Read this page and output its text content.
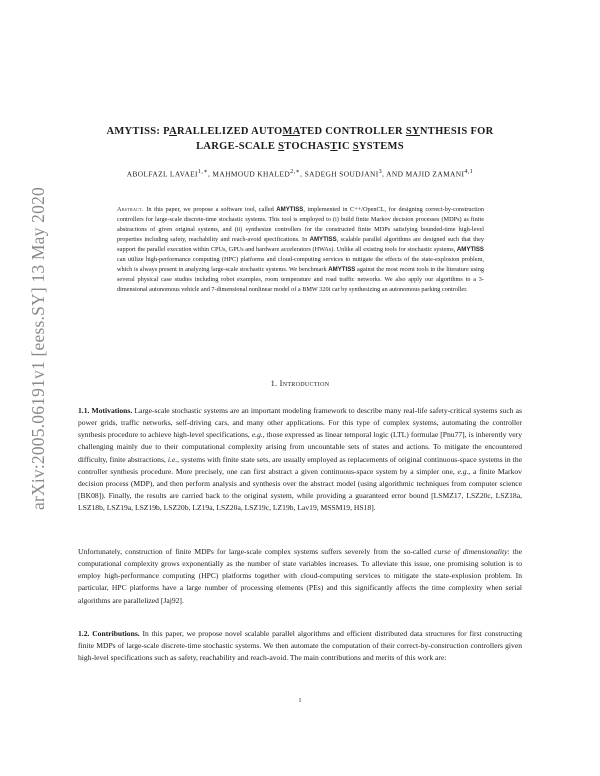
arXiv:2005.06191v1 [eess.SY] 13 May 2020
AMYTISS: PARALLELIZED AUTOMATED CONTROLLER SYNTHESIS FOR
LARGE-SCALE STOCHASTIC SYSTEMS
ABOLFAZL $LAVAEI^{1,∗}$, MAHMOUD $KHALED^{2,∗}$, SADEGH SOUDJANI$^3$, AND MAJID ZAMANI$^{4,1}$

Abstract. In this paper, we propose a software tool, called AMYTISS, implemented in C++/OpenCL, for designing correct-by-construction controllers for large-scale discrete-time stochastic systems. This tool is employed to (i) build finite Markov decision processes (MDPs) as finite abstractions of given original systems, and (ii) synthesize controllers for the constructed finite MDPs satisfying bounded-time high-level properties including safety, reachability and reach-avoid specifications. In AMYTISS, scalable parallel algorithms are designed such that they support the parallel execution within CPUs, GPUs and hardware accelerators (HWAs). Unlike all existing tools for stochastic systems, AMYTISS can utilize high-performance computing (HPC) platforms and cloud-computing services to mitigate the effects of the state-explosion problem, which is always present in analyzing large-scale stochastic systems. We benchmark AMYTISS against the most recent tools in the literature using several physical case studies including robot examples, room temperature and road traffic networks. We also apply our algorithms to a 3-dimensional autonomous vehicle and 7-dimensional nonlinear model of a BMW 320i car by synthesizing an autonomous parking controller.

1. Introduction

1.1. Motivations. Large-scale stochastic systems are an important modeling framework to describe many real-life safety-critical systems such as power grids, traffic networks, self-driving cars, and many other applications. For this type of complex systems, automating the controller synthesis procedure to achieve high-level specifications, e.g., those expressed as linear temporal logic (LTL) formulae [Pnu77], is inherently very challenging mainly due to their computational complexity arising from uncountable sets of states and actions. To mitigate the encountered difficulty, finite abstractions, i.e., systems with finite state sets, are usually employed as replacements of original continuous-space systems in the controller synthesis procedure. More precisely, one can first abstract a given continuous-space system by a simpler one, e.g., a finite Markov decision process (MDP), and then perform analysis and synthesis over the abstract model (using algorithmic techniques from computer science [BK08]). Finally, the results are carried back to the original system, while providing a guaranteed error bound [LSMZ17, LSZ20c, LSZ18a, LSZ18b, LSZ19a, LSZ19b, LSZ20b, LZ19a, LSZ20a, LSZ19c, LZ19b, Lav19, MSSM19, HS18].

Unfortunately, construction of finite MDPs for large-scale complex systems suffers severely from the so-called curse of dimensionality: the computational complexity grows exponentially as the number of state variables increases. To alleviate this issue, one promising solution is to employ high-performance computing (HPC) platforms together with cloud-computing services to mitigate the state-explosion problem. In particular, HPC platforms have a large number of processing elements (PEs) and this significantly affects the time complexity when serial algorithms are parallelized [Jaj92].

1.2. Contributions. In this paper, we propose novel scalable parallel algorithms and efficient distributed data structures for first constructing finite MDPs of large-scale discrete-time stochastic systems. We then automate the computation of their correct-by-construction controllers given high-level specifications such as safety, reachability and reach-avoid. The main contributions and merits of this work are:

1
